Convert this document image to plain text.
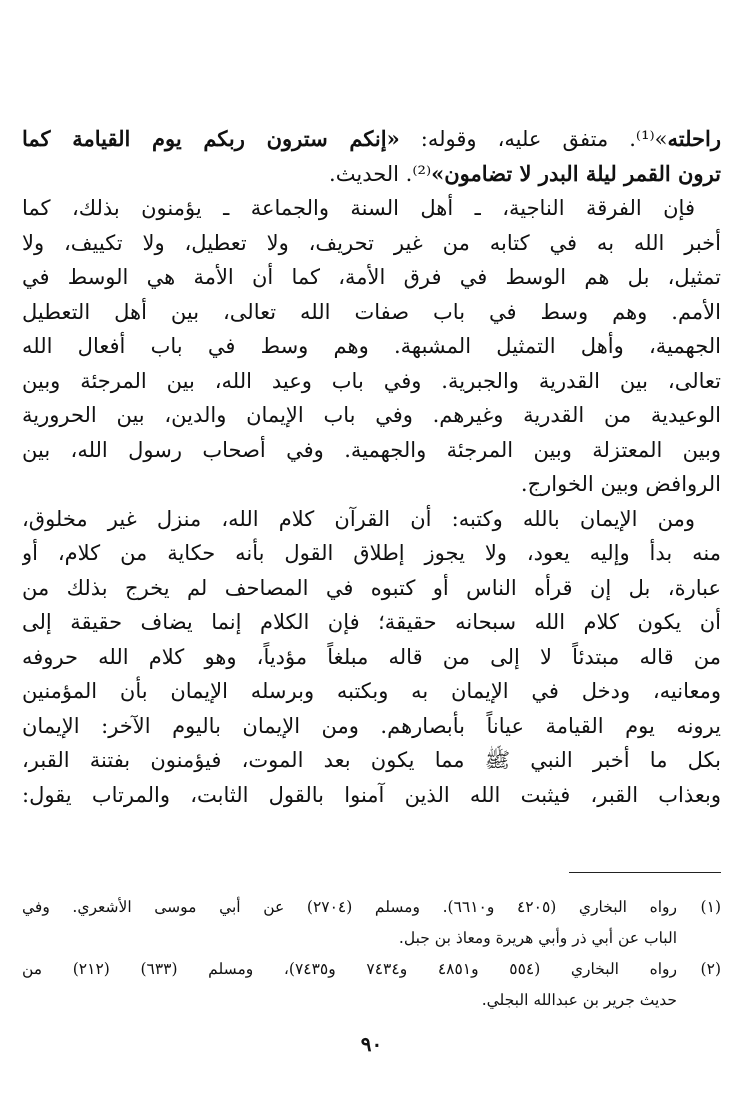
راحلته»⁽¹⁾. متفق عليه، وقوله: «إنكم سترون ربكم يوم القيامة كما
ترون القمر ليلة البدر لا تضامون»⁽²⁾. الحديث.
فإن الفرقة الناجية، ـ أهل السنة والجماعة ـ يؤمنون بذلك، كما
أخبر الله به في كتابه من غير تحريف، ولا تعطيل، ولا تكييف، ولا
تمثيل، بل هم الوسط في فرق الأمة، كما أن الأمة هي الوسط في
الأمم. وهم وسط في باب صفات الله تعالى، بين أهل التعطيل
الجهمية، وأهل التمثيل المشبهة. وهم وسط في باب أفعال الله
تعالى، بين القدرية والجبرية. وفي باب وعيد الله، بين المرجئة وبين
الوعيدية من القدرية وغيرهم. وفي باب الإيمان والدين، بين الحرورية
وبين المعتزلة وبين المرجئة والجهمية. وفي أصحاب رسول الله، بين
الروافض وبين الخوارج.
ومن الإيمان بالله وكتبه: أن القرآن كلام الله، منزل غير مخلوق،
منه بدأ وإليه يعود، ولا يجوز إطلاق القول بأنه حكاية من كلام، أو
عبارة، بل إن قرأه الناس أو كتبوه في المصاحف لم يخرج بذلك من
أن يكون كلام الله سبحانه حقيقة؛ فإن الكلام إنما يضاف حقيقة إلى
من قاله مبتدئاً لا إلى من قاله مبلغاً مؤدياً، وهو كلام الله حروفه
ومعانيه، ودخل في الإيمان به وبكتبه وبرسله الإيمان بأن المؤمنين
يرونه يوم القيامة عياناً بأبصارهم. ومن الإيمان باليوم الآخر: الإيمان
بكل ما أخبر النبي ﷺ مما يكون بعد الموت، فيؤمنون بفتنة القبر،
وبعذاب القبر، فيثبت الله الذين آمنوا بالقول الثابت، والمرتاب يقول:
(١)رواه البخاري (٤٢٠٥ و٦٦١٠). ومسلم (٢٧٠٤) عن أبي موسى الأشعري. وفي
الباب عن أبي ذر وأبي هريرة ومعاذ بن جبل.
(٢)رواه البخاري (٥٥٤ و٤٨٥١ و٧٤٣٤ و٧٤٣٥)، ومسلم (٦٣٣) (٢١٢) من
حديث جرير بن عبدالله البجلي.
٩٠
